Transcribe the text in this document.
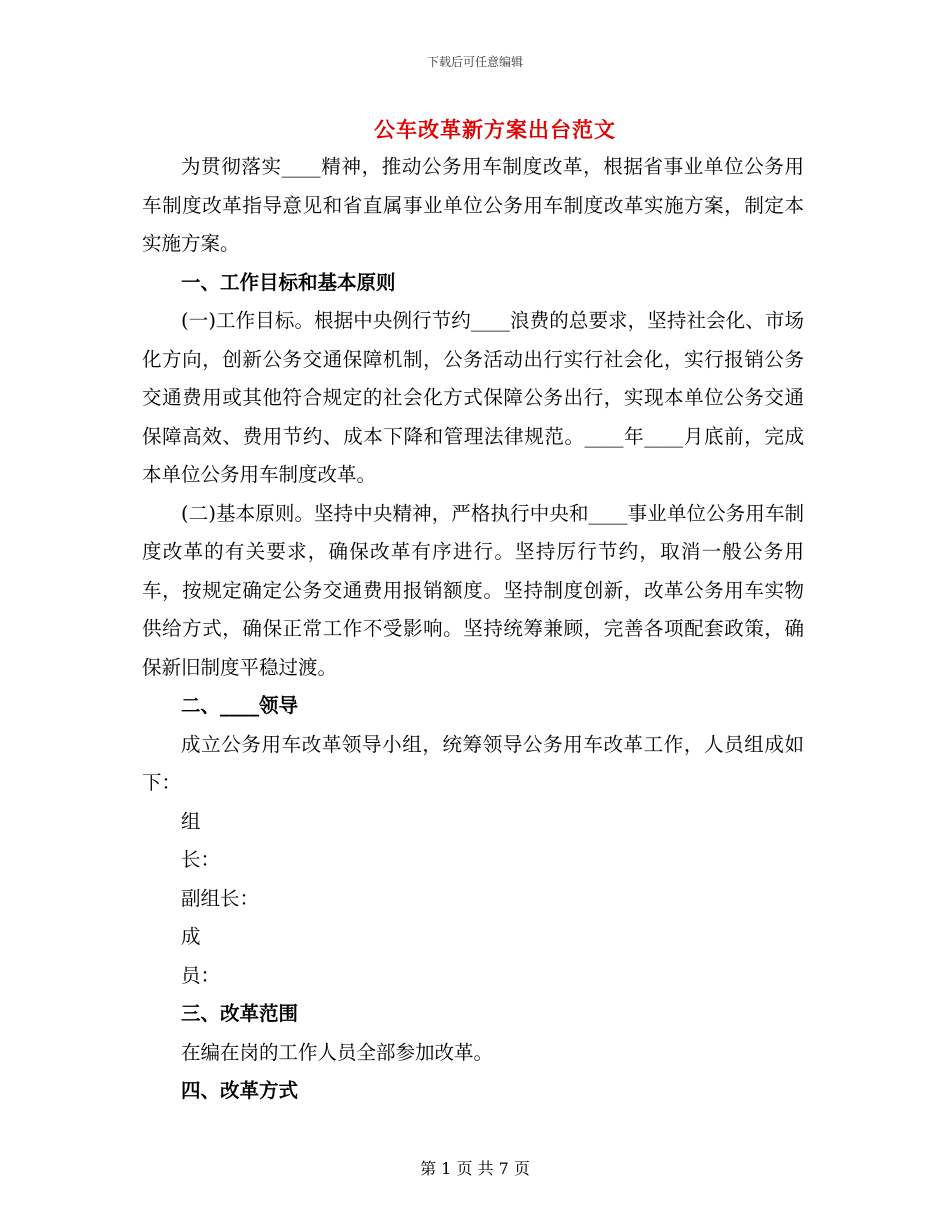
下载后可任意编辑
公车改革新方案出台范文

为贯彻落实____精神，推动公务用车制度改革，根据省事业单位公务用车制度改革指导意见和省直属事业单位公务用车制度改革实施方案，制定本实施方案。

一、工作目标和基本原则

(一)工作目标。根据中央例行节约____浪费的总要求，坚持社会化、市场化方向，创新公务交通保障机制，公务活动出行实行社会化，实行报销公务交通费用或其他符合规定的社会化方式保障公务出行，实现本单位公务交通保障高效、费用节约、成本下降和管理法律规范。____年____月底前，完成本单位公务用车制度改革。

(二)基本原则。坚持中央精神，严格执行中央和____事业单位公务用车制度改革的有关要求，确保改革有序进行。坚持厉行节约，取消一般公务用车，按规定确定公务交通费用报销额度。坚持制度创新，改革公务用车实物供给方式，确保正常工作不受影响。坚持统筹兼顾，完善各项配套政策，确保新旧制度平稳过渡。

二、____领导

成立公务用车改革领导小组，统筹领导公务用车改革工作，人员组成如下：

组

长：

副组长：

成

员：

三、改革范围

在编在岗的工作人员全部参加改革。

四、改革方式

第 1 页 共 7 页
